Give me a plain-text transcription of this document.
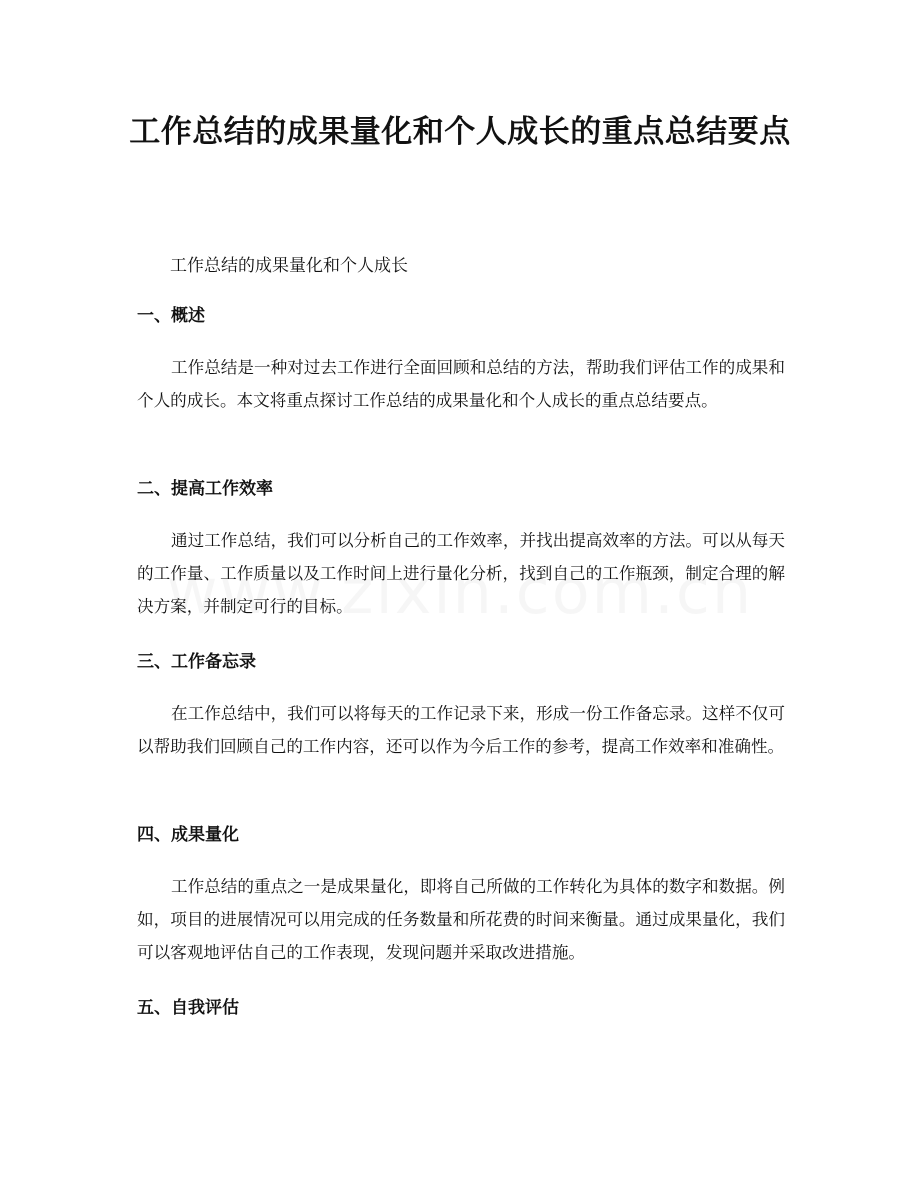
工作总结的成果量化和个人成长的重点总结要点

工作总结的成果量化和个人成长

一、概述

工作总结是一种对过去工作进行全面回顾和总结的方法，帮助我们评估工作的成果和个人的成长。本文将重点探讨工作总结的成果量化和个人成长的重点总结要点。

二、提高工作效率

通过工作总结，我们可以分析自己的工作效率，并找出提高效率的方法。可以从每天的工作量、工作质量以及工作时间上进行量化分析，找到自己的工作瓶颈，制定合理的解决方案，并制定可行的目标。

三、工作备忘录

在工作总结中，我们可以将每天的工作记录下来，形成一份工作备忘录。这样不仅可以帮助我们回顾自己的工作内容，还可以作为今后工作的参考，提高工作效率和准确性。

四、成果量化

工作总结的重点之一是成果量化，即将自己所做的工作转化为具体的数字和数据。例如，项目的进展情况可以用完成的任务数量和所花费的时间来衡量。通过成果量化，我们可以客观地评估自己的工作表现，发现问题并采取改进措施。

五、自我评估
